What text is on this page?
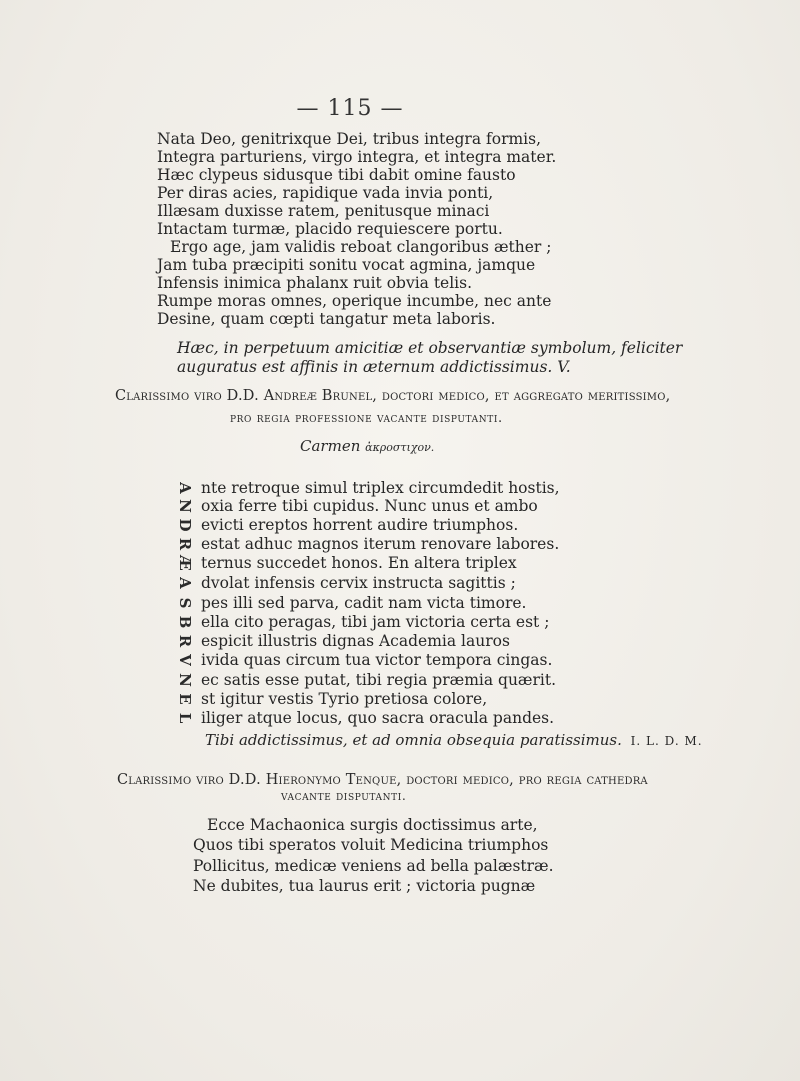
— 115 —
Nata Deo, genitrixque Dei, tribus integra formis,
Integra parturiens, virgo integra, et integra mater.
Hæc clypeus sidusque tibi dabit omine fausto
Per diras acies, rapidique vada invia ponti,
Illæsam duxisse ratem, penitusque minaci
Intactam turmæ, placido requiescere portu.
Ergo age, jam validis reboat clangoribus æther ;
Jam tuba præcipiti sonitu vocat agmina, jamque
Infensis inimica phalanx ruit obvia telis.
Rumpe moras omnes, operique incumbe, nec ante
Desine, quam cœpti tangatur meta laboris.
Hæc, in perpetuum amicitiæ et observantiæ symbolum, feliciter
auguratus est affinis in æternum addictissimus. V.
Clarissimo viro D.D. Andreæ Brunel, doctori medico, et aggregato meritissimo,
pro regia professione vacante disputanti.
Carmen ἀκροστιχον.
A nte retroque simul triplex circumdedit hostis,
N oxia ferre tibi cupidus. Nunc unus et ambo
D evicti ereptos horrent audire triumphos.
R estat adhuc magnos iterum renovare labores.
Æ ternus succedet honos. En altera triplex
A dvolat infensis cervix instructa sagittis ;
S pes illi sed parva, cadit nam victa timore.
B ella cito peragas, tibi jam victoria certa est ;
R espicit illustris dignas Academia lauros
V ivida quas circum tua victor tempora cingas.
N ec satis esse putat, tibi regia præmia quærit.
E st igitur vestis Tyrio pretiosa colore,
L iliger atque locus, quo sacra oracula pandes.
Tibi addictissimus, et ad omnia obsequia paratissimus. I. L. D. M.
Clarissimo viro D.D. Hieronymo Tenque, doctori medico, pro regia cathedra
vacante disputanti.
Ecce Machaonica surgis doctissimus arte,
Quos tibi speratos voluit Medicina triumphos
Pollicitus, medicæ veniens ad bella palæstræ.
Ne dubites, tua laurus erit ; victoria pugnæ
